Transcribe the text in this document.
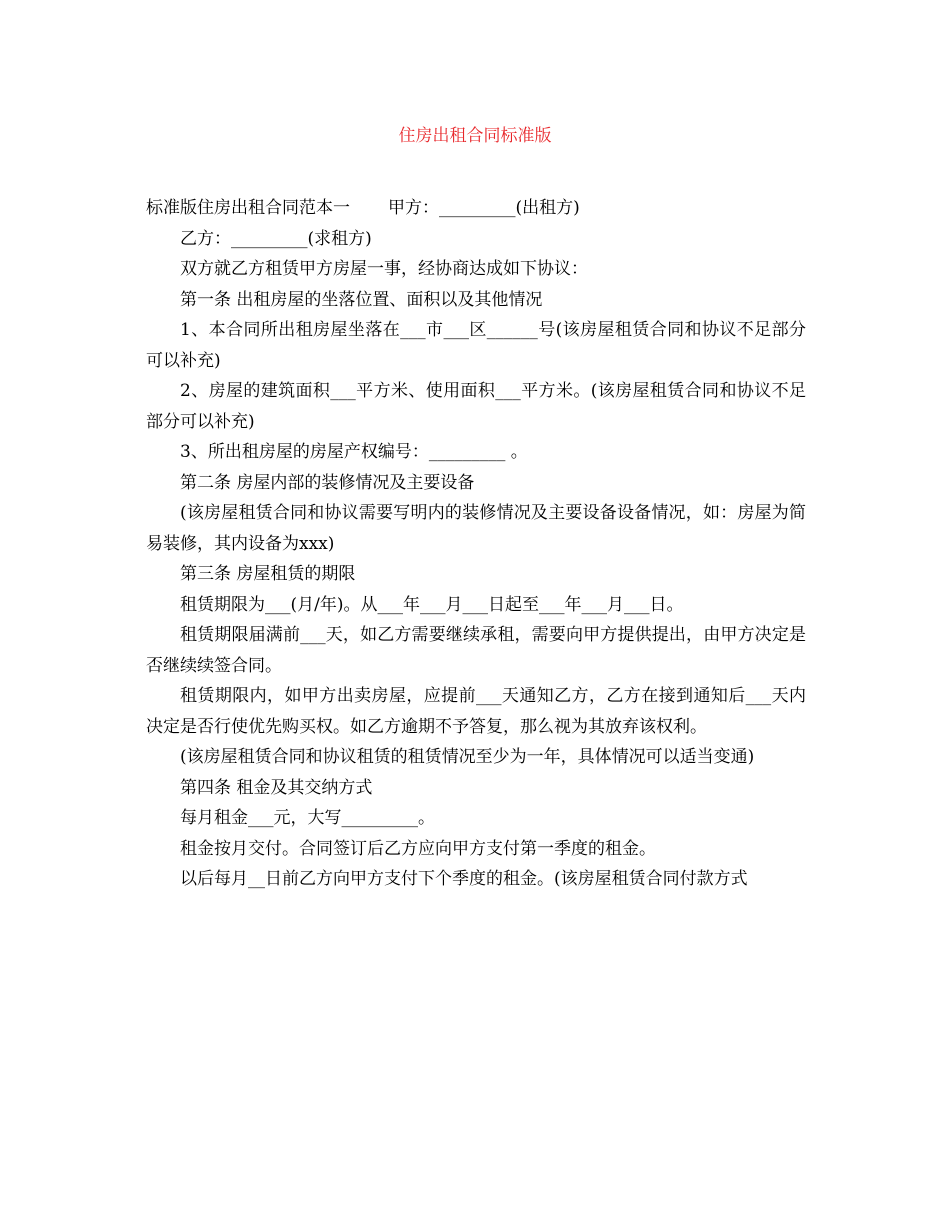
住房出租合同标准版

标准版住房出租合同范本一 甲方：_________(出租方)

乙方：_________(求租方)

双方就乙方租赁甲方房屋一事，经协商达成如下协议：

第一条 出租房屋的坐落位置、面积以及其他情况

1、本合同所出租房屋坐落在___市___区______号(该房屋租赁合同和协议不足部分可以补充)

2、房屋的建筑面积___平方米、使用面积___平方米。(该房屋租赁合同和协议不足部分可以补充)

3、所出租房屋的房屋产权编号：_________ 。

第二条 房屋内部的装修情况及主要设备

(该房屋租赁合同和协议需要写明内的装修情况及主要设备设备情况，如：房屋为简易装修，其内设备为xxx)

第三条 房屋租赁的期限

租赁期限为___(月/年)。从___年___月___日起至___年___月___日。

租赁期限届满前___天，如乙方需要继续承租，需要向甲方提供提出，由甲方决定是否继续续签合同。

租赁期限内，如甲方出卖房屋，应提前___天通知乙方，乙方在接到通知后___天内决定是否行使优先购买权。如乙方逾期不予答复，那么视为其放弃该权利。

(该房屋租赁合同和协议租赁的租赁情况至少为一年，具体情况可以适当变通)

第四条 租金及其交纳方式

每月租金___元，大写_________。

租金按月交付。合同签订后乙方应向甲方支付第一季度的租金。

以后每月__日前乙方向甲方支付下个季度的租金。(该房屋租赁合同付款方式
